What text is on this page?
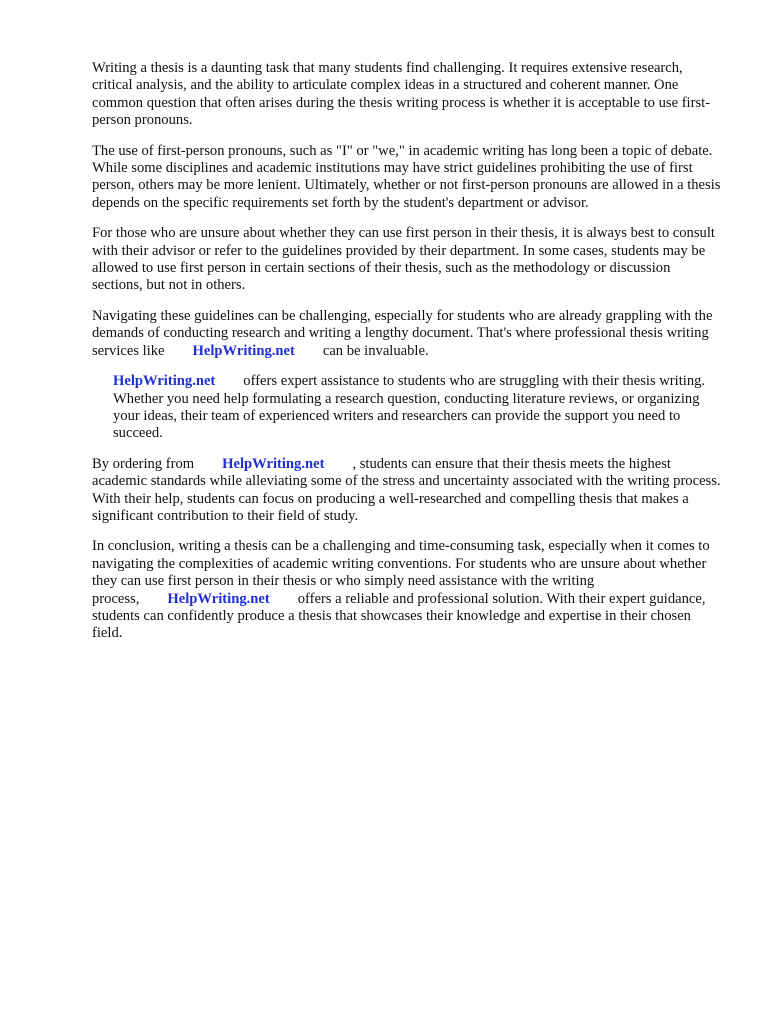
Writing a thesis is a daunting task that many students find challenging. It requires extensive research, critical analysis, and the ability to articulate complex ideas in a structured and coherent manner. One common question that often arises during the thesis writing process is whether it is acceptable to use first-person pronouns.

The use of first-person pronouns, such as "I" or "we," in academic writing has long been a topic of debate. While some disciplines and academic institutions may have strict guidelines prohibiting the use of first person, others may be more lenient. Ultimately, whether or not first-person pronouns are allowed in a thesis depends on the specific requirements set forth by the student's department or advisor.

For those who are unsure about whether they can use first person in their thesis, it is always best to consult with their advisor or refer to the guidelines provided by their department. In some cases, students may be allowed to use first person in certain sections of their thesis, such as the methodology or discussion sections, but not in others.

Navigating these guidelines can be challenging, especially for students who are already grappling with the demands of conducting research and writing a lengthy document. That's where professional thesis writing services like HelpWriting.net can be invaluable.

HelpWriting.net offers expert assistance to students who are struggling with their thesis writing. Whether you need help formulating a research question, conducting literature reviews, or organizing your ideas, their team of experienced writers and researchers can provide the support you need to succeed.

By ordering from HelpWriting.net , students can ensure that their thesis meets the highest academic standards while alleviating some of the stress and uncertainty associated with the writing process. With their help, students can focus on producing a well-researched and compelling thesis that makes a significant contribution to their field of study.

In conclusion, writing a thesis can be a challenging and time-consuming task, especially when it comes to navigating the complexities of academic writing conventions. For students who are unsure about whether they can use first person in their thesis or who simply need assistance with the writing process, HelpWriting.net offers a reliable and professional solution. With their expert guidance, students can confidently produce a thesis that showcases their knowledge and expertise in their chosen field.
